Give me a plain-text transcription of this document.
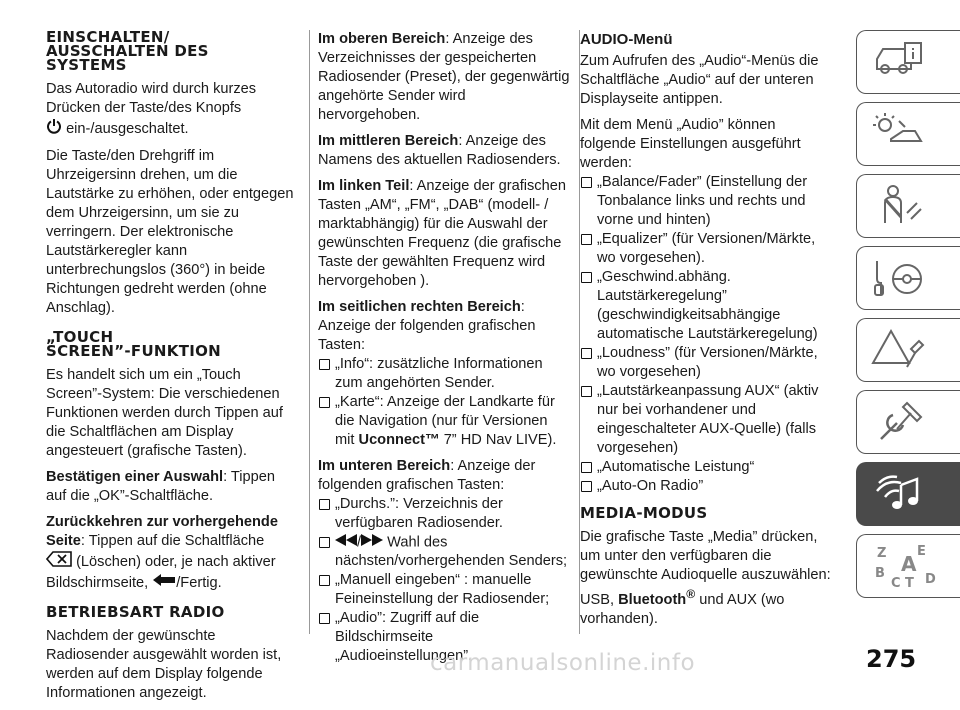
EINSCHALTEN/
AUSSCHALTEN DES
SYSTEMS

Das Autoradio wird durch kurzes Drücken der Taste/des Knopfs
ein-/ausgeschaltet.

Die Taste/den Drehgriff im Uhrzeigersinn drehen, um die Lautstärke zu erhöhen, oder entgegen dem Uhrzeigersinn, um sie zu verringern. Der elektronische Lautstärkeregler kann unterbrechungslos (360°) in beide Richtungen gedreht werden (ohne Anschlag).

„TOUCH
SCREEN”-FUNKTION

Es handelt sich um ein „Touch Screen”-System: Die verschiedenen Funktionen werden durch Tippen auf die Schaltflächen am Display angesteuert (grafische Tasten).

Bestätigen einer Auswahl: Tippen auf die „OK”-Schaltfläche.

Zurückkehren zur vorhergehende Seite: Tippen auf die Schaltfläche
(Löschen) oder, je nach aktiver Bildschirmseite, /Fertig.

BETRIEBSART RADIO

Nachdem der gewünschte Radiosender ausgewählt worden ist, werden auf dem Display folgende Informationen angezeigt.

Im oberen Bereich: Anzeige des Verzeichnisses der gespeicherten Radiosender (Preset), der gegenwärtig angehörte Sender wird hervorgehoben.

Im mittleren Bereich: Anzeige des Namens des aktuellen Radiosenders.

Im linken Teil: Anzeige der grafischen Tasten „AM“, „FM“, „DAB“ (modell- / marktabhängig) für die Auswahl der gewünschten Frequenz (die grafische Taste der gewählten Frequenz wird hervorgehoben ).

Im seitlichen rechten Bereich: Anzeige der folgenden grafischen Tasten:

„Info“: zusätzliche Informationen zum angehörten Sender.
„Karte“: Anzeige der Landkarte für die Navigation (nur für Versionen mit Uconnect™ 7” HD Nav LIVE).

Im unteren Bereich: Anzeige der folgenden grafischen Tasten:

„Durchs.”: Verzeichnis der verfügbaren Radiosender.
/ Wahl des nächsten/vorhergehenden Senders;
„Manuell eingeben“ : manuelle Feineinstellung der Radiosender;
„Audio”: Zugriff auf die Bildschirmseite „Audioeinstellungen”.
AUDIO-Menü

Zum Aufrufen des „Audio“-Menüs die Schaltfläche „Audio“ auf der unteren Displayseite antippen.

Mit dem Menü „Audio” können folgende Einstellungen ausgeführt werden:

„Balance/Fader” (Einstellung der Tonbalance links und rechts und vorne und hinten)
„Equalizer” (für Versionen/Märkte, wo vorgesehen).
„Geschwind.abhäng. Lautstärkeregelung” (geschwindigkeitsabhängige automatische Lautstärkeregelung)
„Loudness” (für Versionen/Märkte, wo vorgesehen)
„Lautstärkeanpassung AUX“ (aktiv nur bei vorhandener und eingeschalteter AUX-Quelle) (falls vorgesehen)
„Automatische Leistung“
„Auto-On Radio”
MEDIA-MODUS

Die grafische Taste „Media” drücken, um unter den verfügbaren die gewünschte Audioquelle auszuwählen: USB, Bluetooth® und AUX (wo vorhanden).

Z E
B A
C T D
275
carmanualsonline.info
